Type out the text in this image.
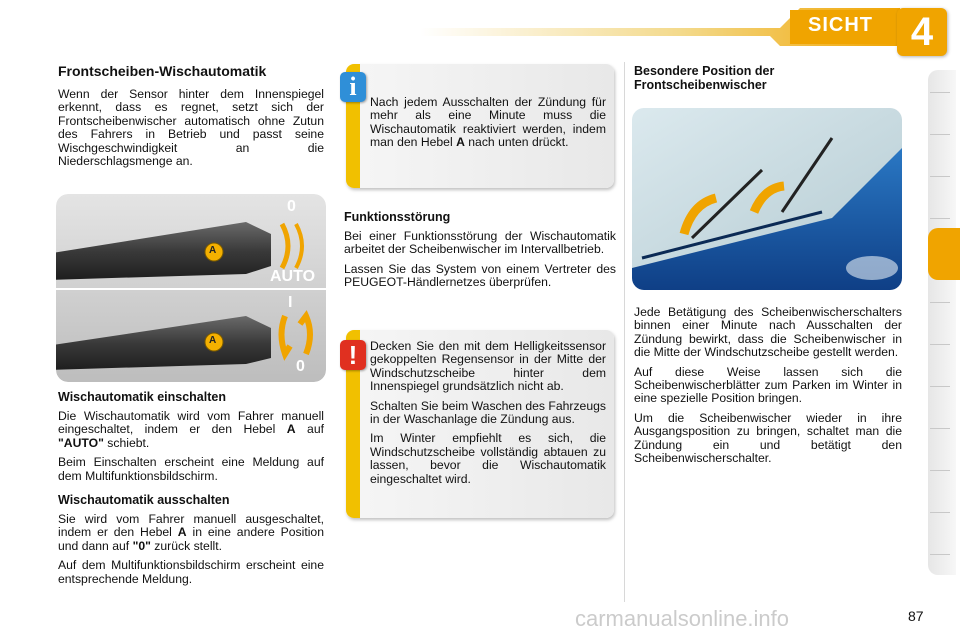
SICHT 4
Frontscheiben-Wischautomatik

Wenn der Sensor hinter dem Innenspiegel erkennt, dass es regnet, setzt sich der Frontscheibenwischer automatisch ohne Zutun des Fahrers in Betrieb und passt seine Wischgeschwindigkeit an die Niederschlagsmenge an.

0
A
AUTO
I
A
0
Wischautomatik einschalten

Die Wischautomatik wird vom Fahrer manuell eingeschaltet, indem er den Hebel A auf "AUTO" schiebt.

Beim Einschalten erscheint eine Meldung auf dem Multifunktionsbildschirm.

Wischautomatik ausschalten

Sie wird vom Fahrer manuell ausgeschaltet, indem er den Hebel A in eine andere Position und dann auf "0" zurück stellt.

Auf dem Multifunktionsbildschirm erscheint eine entsprechende Meldung.

Nach jedem Ausschalten der Zündung für mehr als eine Minute muss die Wischautomatik reaktiviert werden, indem man den Hebel A nach unten drückt.

i
Funktionsstörung

Bei einer Funktionsstörung der Wischautomatik arbeitet der Scheibenwischer im Intervallbetrieb.

Lassen Sie das System von einem Vertreter des PEUGEOT-Händlernetzes überprüfen.

Decken Sie den mit dem Helligkeitssensor gekoppelten Regensensor in der Mitte der Windschutzscheibe hinter dem Innenspiegel grundsätzlich nicht ab.

Schalten Sie beim Waschen des Fahrzeugs in der Waschanlage die Zündung aus.

Im Winter empfiehlt es sich, die Windschutzscheibe vollständig abtauen zu lassen, bevor die Wischautomatik eingeschaltet wird.

!
Besondere Position der Frontscheibenwischer

Jede Betätigung des Scheibenwischerschalters binnen einer Minute nach Ausschalten der Zündung bewirkt, dass die Scheibenwischer in die Mitte der Windschutzscheibe gestellt werden.

Auf diese Weise lassen sich die Scheibenwischerblätter zum Parken im Winter in eine spezielle Position bringen.

Um die Scheibenwischer wieder in ihre Ausgangsposition zu bringen, schaltet man die Zündung ein und betätigt den Scheibenwischerschalter.

carmanualsonline.info	87
